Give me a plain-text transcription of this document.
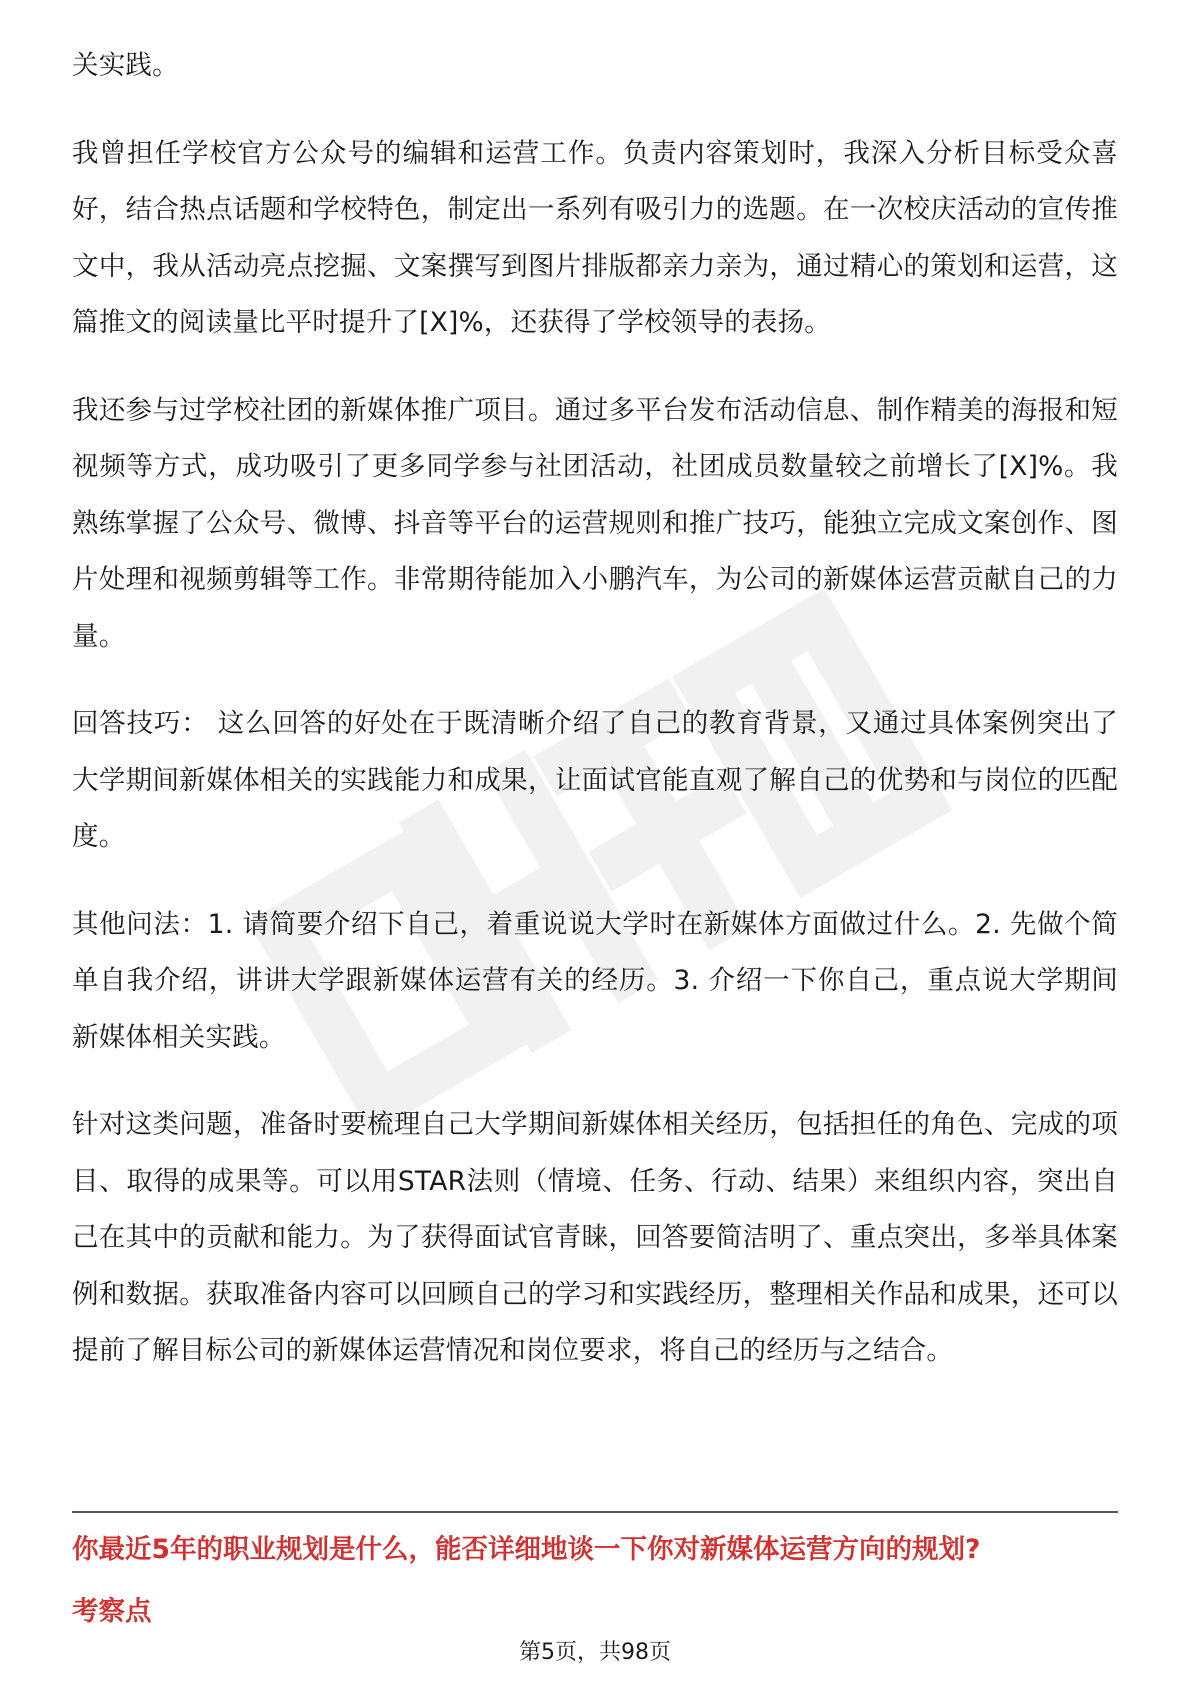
关实践。

我曾担任学校官方公众号的编辑和运营工作。负责内容策划时，我深入分析目标受众喜好，结合热点话题和学校特色，制定出一系列有吸引力的选题。在一次校庆活动的宣传推文中，我从活动亮点挖掘、文案撰写到图片排版都亲力亲为，通过精心的策划和运营，这篇推文的阅读量比平时提升了[X]%，还获得了学校领导的表扬。

我还参与过学校社团的新媒体推广项目。通过多平台发布活动信息、制作精美的海报和短视频等方式，成功吸引了更多同学参与社团活动，社团成员数量较之前增长了[X]%。我熟练掌握了公众号、微博、抖音等平台的运营规则和推广技巧，能独立完成文案创作、图片处理和视频剪辑等工作。非常期待能加入小鹏汽车，为公司的新媒体运营贡献自己的力量。

回答技巧： 这么回答的好处在于既清晰介绍了自己的教育背景，又通过具体案例突出了大学期间新媒体相关的实践能力和成果，让面试官能直观了解自己的优势和与岗位的匹配度。

其他问法：1. 请简要介绍下自己，着重说说大学时在新媒体方面做过什么。2. 先做个简单自我介绍，讲讲大学跟新媒体运营有关的经历。3. 介绍一下你自己，重点说大学期间新媒体相关实践。

针对这类问题，准备时要梳理自己大学期间新媒体相关经历，包括担任的角色、完成的项目、取得的成果等。可以用STAR法则（情境、任务、行动、结果）来组织内容，突出自己在其中的贡献和能力。为了获得面试官青睐，回答要简洁明了、重点突出，多举具体案例和数据。获取准备内容可以回顾自己的学习和实践经历，整理相关作品和成果，还可以提前了解目标公司的新媒体运营情况和岗位要求，将自己的经历与之结合。

你最近5年的职业规划是什么，能否详细地谈一下你对新媒体运营方向的规划?

考察点

第5页，共98页
